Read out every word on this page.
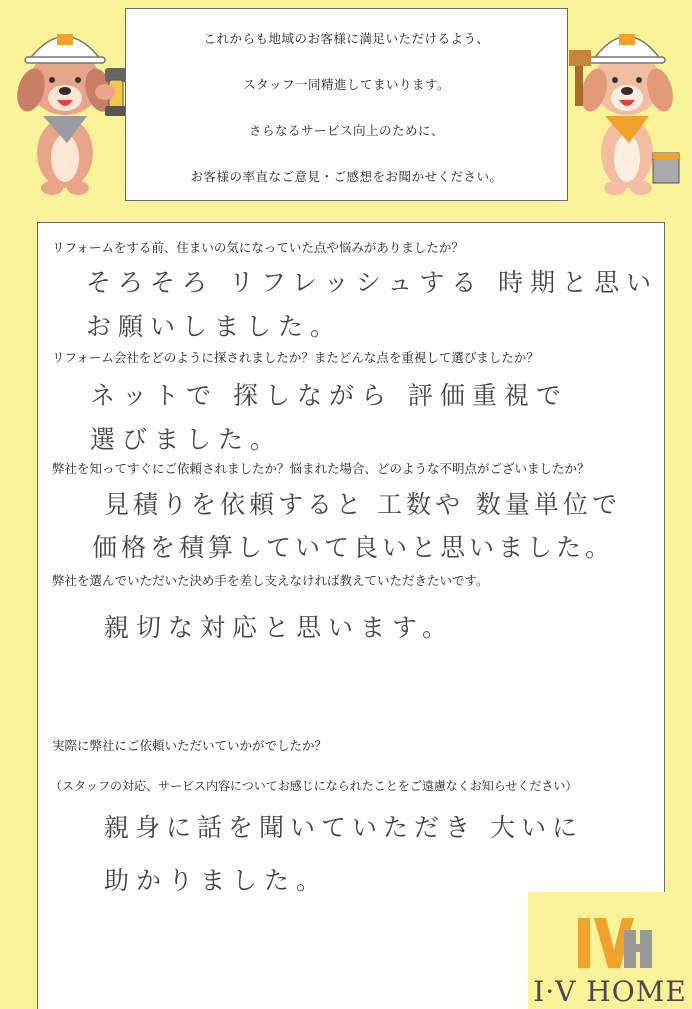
これからも地域のお客様に満足いただけるよう、
スタッフ一同精進してまいります。
さらなるサービス向上のために、
お客様の率直なご意見・ご感想をお聞かせください。
リフォームをする前、住まいの気になっていた点や悩みがありましたか？
そろそろ リフレッシュする 時期と思い
お願いしました。
リフォーム会社をどのように探されましたか？またどんな点を重視して選びましたか？
ネットで 探しながら 評価重視で
選びました。
弊社を知ってすぐにご依頼されましたか？悩まれた場合、どのような不明点がございましたか？
見積りを依頼すると 工数や 数量単位で
価格を積算していて良いと思いました。
弊社を選んでいただいた決め手を差し支えなければ教えていただきたいです。
親切な対応と思います。
実際に弊社にご依頼いただいていかがでしたか？
（スタッフの対応、サービス内容についてお感じになられたことをご遠慮なくお知らせください）
親身に話を聞いていただき 大いに
助かりました。
I·V HOME
